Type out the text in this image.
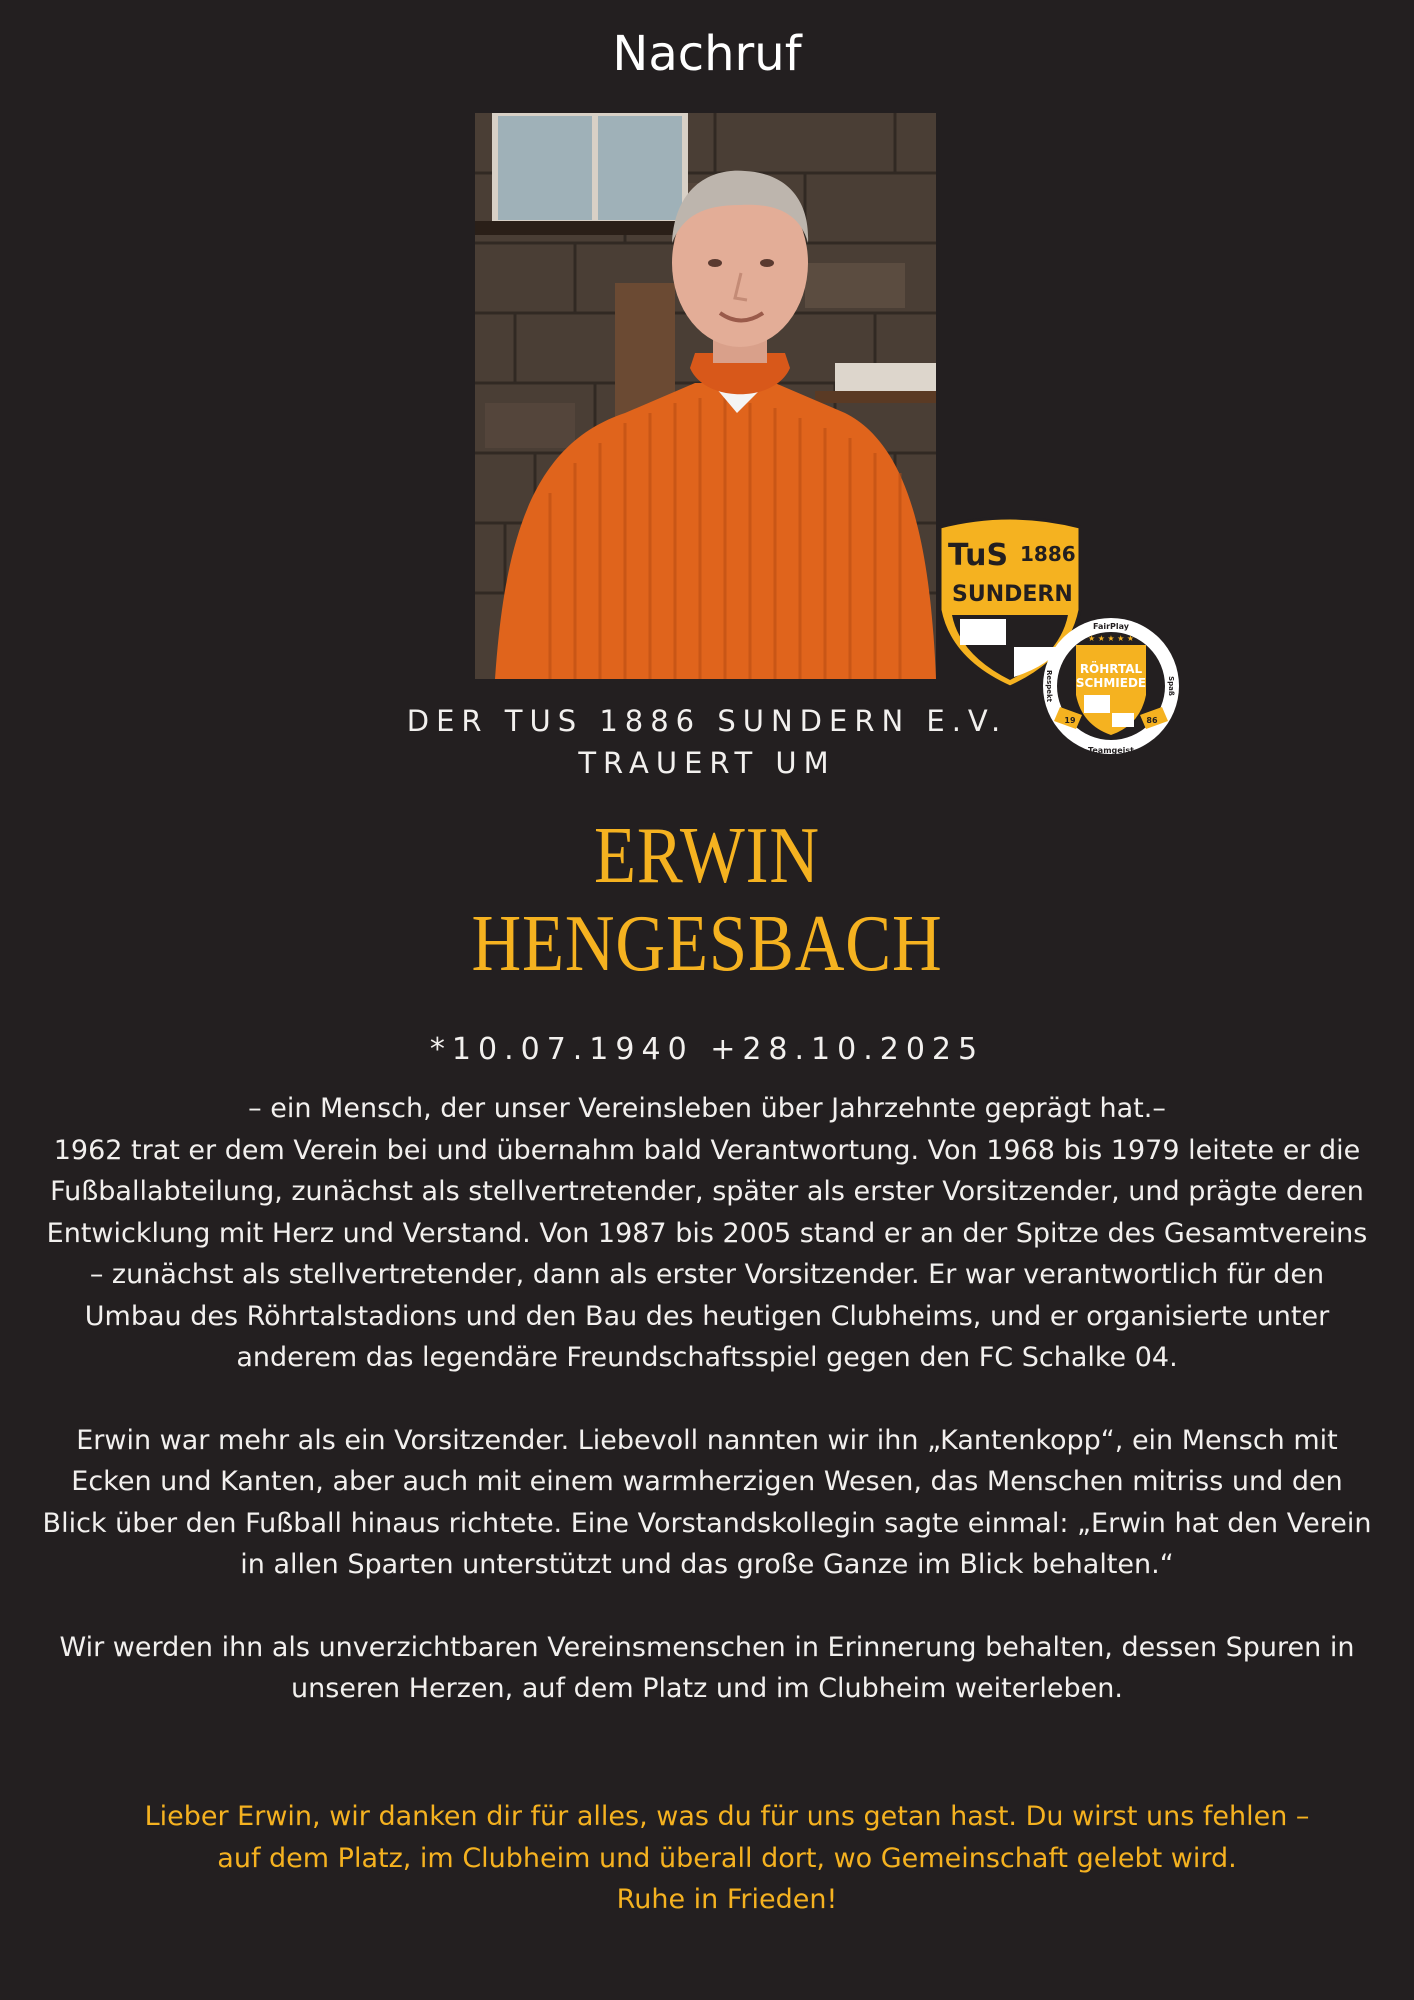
Nachruf
TuS 1886
SUNDERN
FairPlay
Teamgeist
Respekt	Spaß
RÖHRTAL
SCHMIEDE
19	86
★ ★ ★ ★ ★
DER TUS 1886 SUNDERN E.V.
TRAUERT UM
ERWIN
HENGESBACH
*10.07.1940 +28.10.2025

– ein Mensch, der unser Vereinsleben über Jahrzehnte geprägt hat.–

1962 trat er dem Verein bei und übernahm bald Verantwortung. Von 1968 bis 1979 leitete er die Fußballabteilung, zunächst als stellvertretender, später als erster Vorsitzender, und prägte deren Entwicklung mit Herz und Verstand. Von 1987 bis 2005 stand er an der Spitze des Gesamtvereins – zunächst als stellvertretender, dann als erster Vorsitzender. Er war verantwortlich für den Umbau des Röhrtalstadions und den Bau des heutigen Clubheims, und er organisierte unter anderem das legendäre Freundschaftsspiel gegen den FC Schalke 04.

Erwin war mehr als ein Vorsitzender. Liebevoll nannten wir ihn „Kantenkopp“, ein Mensch mit Ecken und Kanten, aber auch mit einem warmherzigen Wesen, das Menschen mitriss und den Blick über den Fußball hinaus richtete. Eine Vorstandskollegin sagte einmal: „Erwin hat den Verein in allen Sparten unterstützt und das große Ganze im Blick behalten.“

Wir werden ihn als unverzichtbaren Vereinsmenschen in Erinnerung behalten, dessen Spuren in unseren Herzen, auf dem Platz und im Clubheim weiterleben.

Lieber Erwin, wir danken dir für alles, was du für uns getan hast. Du wirst uns fehlen –

auf dem Platz, im Clubheim und überall dort, wo Gemeinschaft gelebt wird.

Ruhe in Frieden!
